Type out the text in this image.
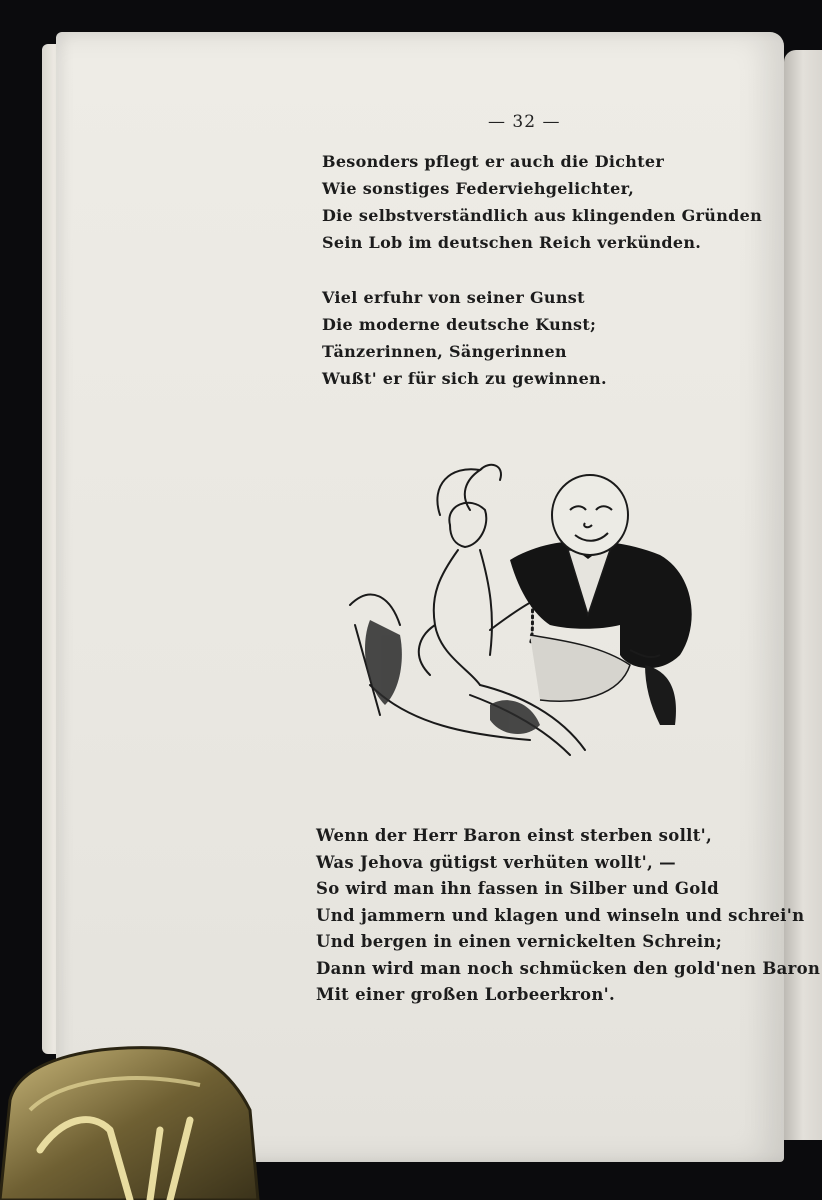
— 32 —
Besonders pflegt er auch die Dichter
Wie sonstiges Federviehgelichter,
Die selbstverständlich aus klingenden Gründen
Sein Lob im deutschen Reich verkünden.
Viel erfuhr von seiner Gunst
Die moderne deutsche Kunst;
Tänzerinnen, Sängerinnen
Wußt' er für sich zu gewinnen.
Wenn der Herr Baron einst sterben sollt',
Was Jehova gütigst verhüten wollt', —
So wird man ihn fassen in Silber und Gold
Und jammern und klagen und winseln und schrei'n
Und bergen in einen vernickelten Schrein;
Dann wird man noch schmücken den gold'nen Baron
Mit einer großen Lorbeerkron'.
